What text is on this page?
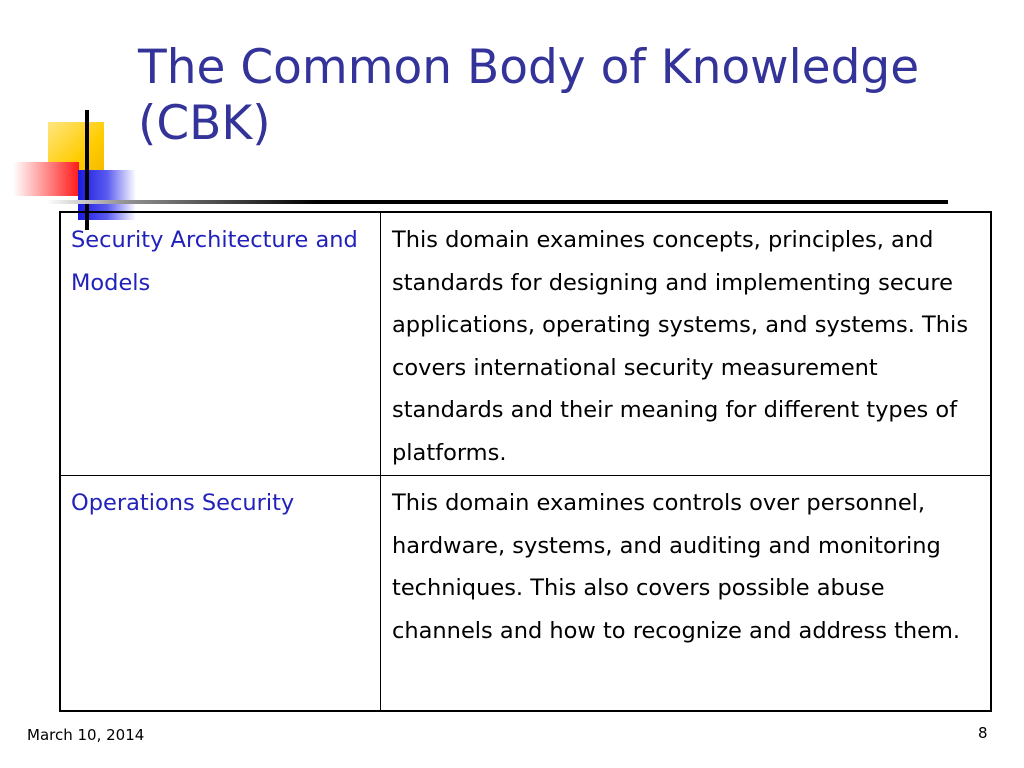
The Common Body of Knowledge (CBK)
Security Architecture and Models	This domain examines concepts, principles, and standards for designing and implementing secure applications, operating systems, and systems. This covers international security measurement standards and their meaning for different types of platforms.
Operations Security	This domain examines controls over personnel, hardware, systems, and auditing and monitoring techniques. This also covers possible abuse channels and how to recognize and address them.
March 10, 2014	8
